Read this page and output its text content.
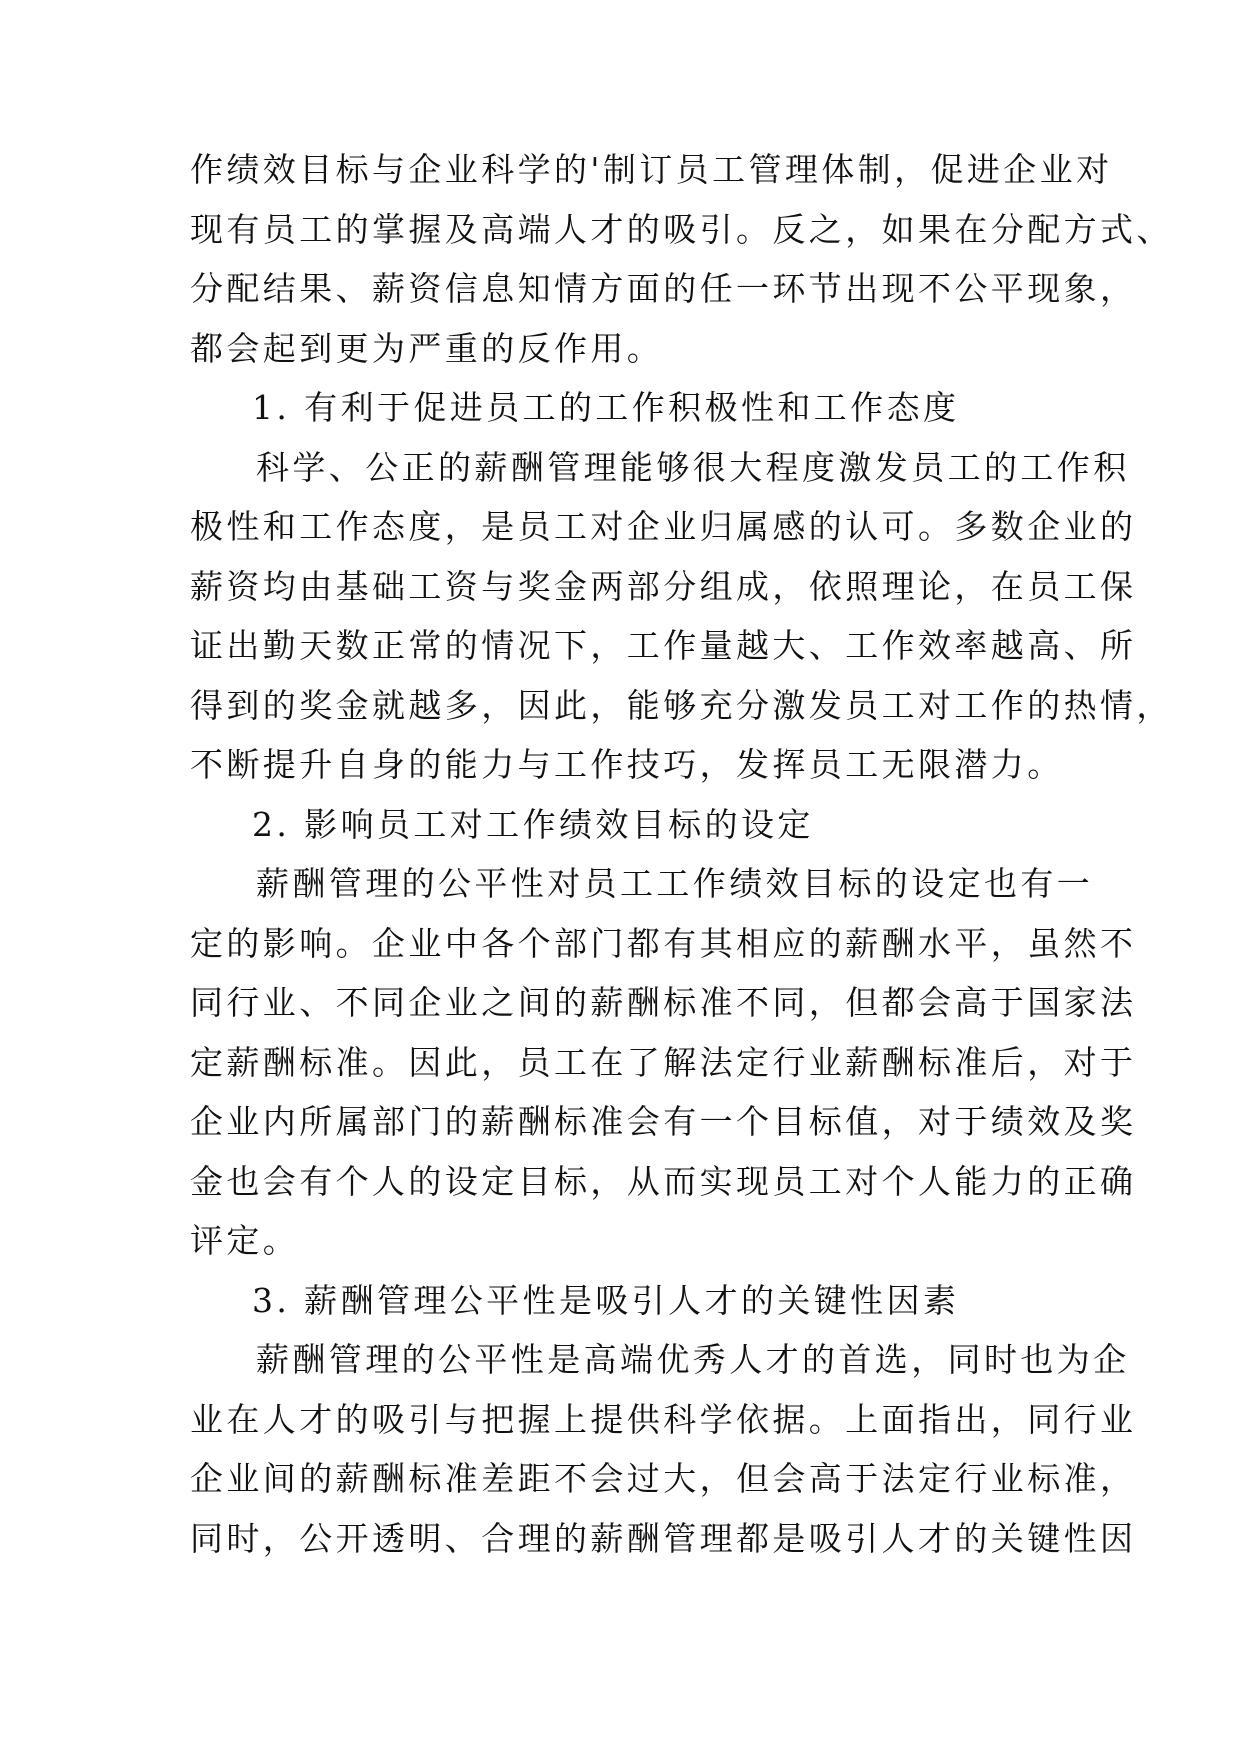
作绩效目标与企业科学的'制订员工管理体制，促进企业对
现有员工的掌握及高端人才的吸引。反之，如果在分配方式、
分配结果、薪资信息知情方面的任一环节出现不公平现象，
都会起到更为严重的反作用。
1. 有利于促进员工的工作积极性和工作态度
科学、公正的薪酬管理能够很大程度激发员工的工作积
极性和工作态度，是员工对企业归属感的认可。多数企业的
薪资均由基础工资与奖金两部分组成，依照理论，在员工保
证出勤天数正常的情况下，工作量越大、工作效率越高、所
得到的奖金就越多，因此，能够充分激发员工对工作的热情，
不断提升自身的能力与工作技巧，发挥员工无限潜力。
2. 影响员工对工作绩效目标的设定
薪酬管理的公平性对员工工作绩效目标的设定也有一
定的影响。企业中各个部门都有其相应的薪酬水平，虽然不
同行业、不同企业之间的薪酬标准不同，但都会高于国家法
定薪酬标准。因此，员工在了解法定行业薪酬标准后，对于
企业内所属部门的薪酬标准会有一个目标值，对于绩效及奖
金也会有个人的设定目标，从而实现员工对个人能力的正确
评定。
3. 薪酬管理公平性是吸引人才的关键性因素
薪酬管理的公平性是高端优秀人才的首选，同时也为企
业在人才的吸引与把握上提供科学依据。上面指出，同行业
企业间的薪酬标准差距不会过大，但会高于法定行业标准，
同时，公开透明、合理的薪酬管理都是吸引人才的关键性因
